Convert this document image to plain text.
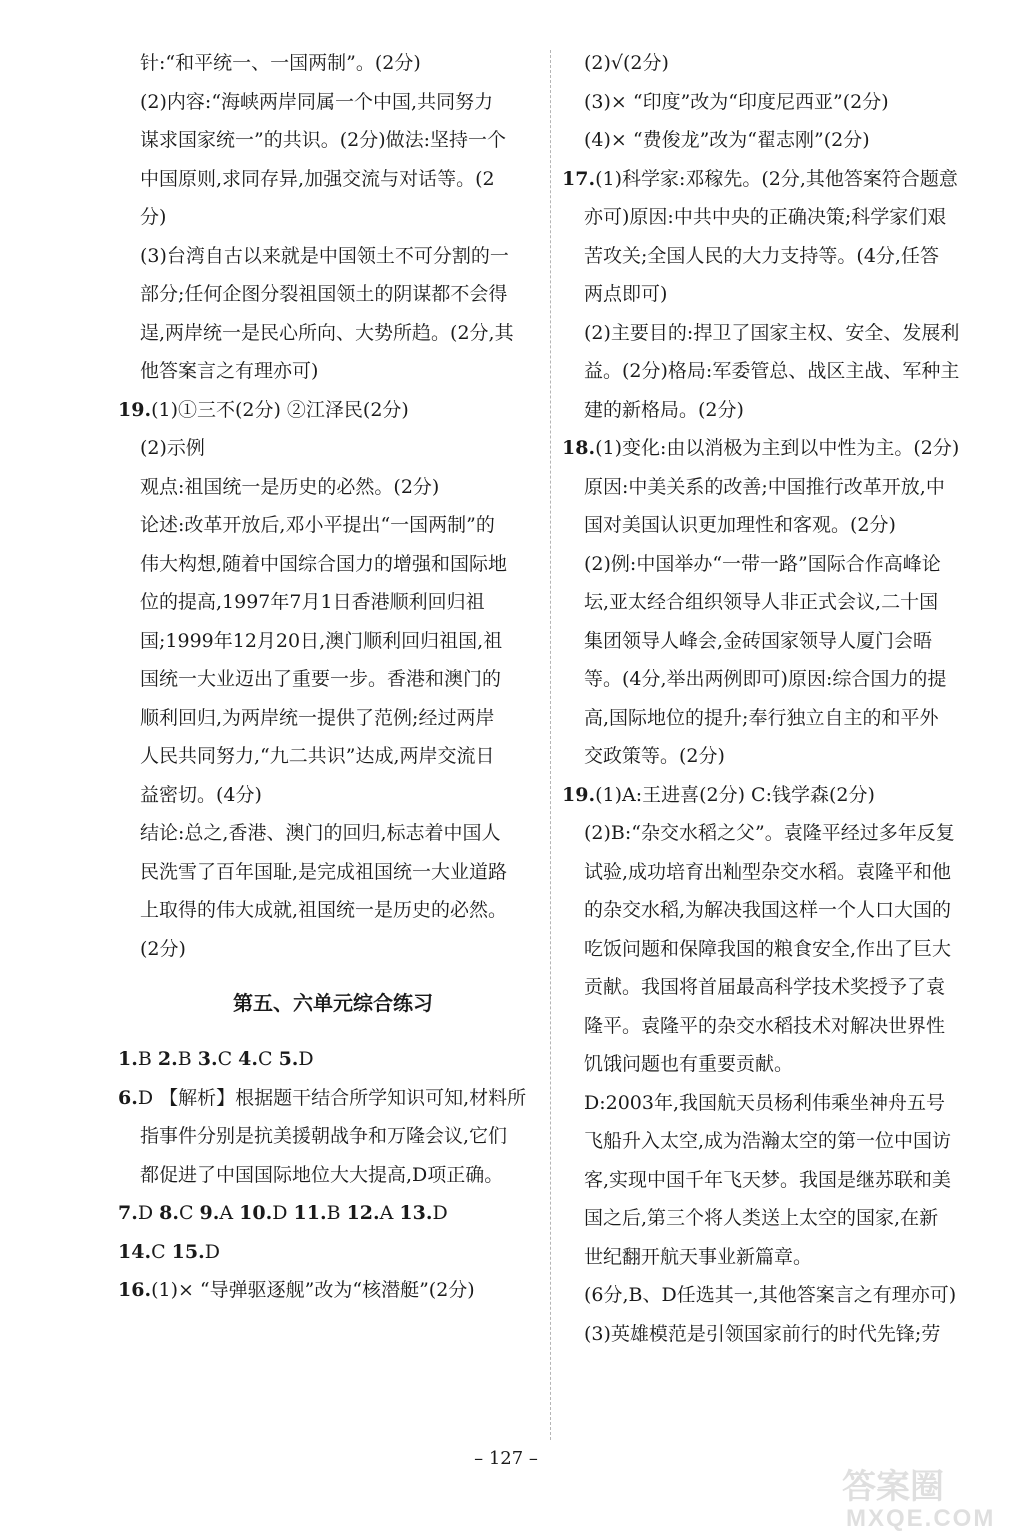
针:“和平统一、一国两制”。(2分)
(2)内容:“海峡两岸同属一个中国,共同努力
谋求国家统一”的共识。(2分)做法:坚持一个
中国原则,求同存异,加强交流与对话等。(2
分)
(3)台湾自古以来就是中国领土不可分割的一
部分;任何企图分裂祖国领土的阴谋都不会得
逞,两岸统一是民心所向、大势所趋。(2分,其
他答案言之有理亦可)
19.(1)①三不(2分) ②江泽民(2分)
(2)示例
观点:祖国统一是历史的必然。(2分)
论述:改革开放后,邓小平提出“一国两制”的
伟大构想,随着中国综合国力的增强和国际地
位的提高,1997年7月1日香港顺利回归祖
国;1999年12月20日,澳门顺利回归祖国,祖
国统一大业迈出了重要一步。香港和澳门的
顺利回归,为两岸统一提供了范例;经过两岸
人民共同努力,“九二共识”达成,两岸交流日
益密切。(4分)
结论:总之,香港、澳门的回归,标志着中国人
民洗雪了百年国耻,是完成祖国统一大业道路
上取得的伟大成就,祖国统一是历史的必然。
(2分)
第五、六单元综合练习
1.B 2.B 3.C 4.C 5.D
6.D 【解析】根据题干结合所学知识可知,材料所
指事件分别是抗美援朝战争和万隆会议,它们
都促进了中国国际地位大大提高,D项正确。
7.D 8.C 9.A 10.D 11.B 12.A 13.D
14.C 15.D
16.(1)× “导弹驱逐舰”改为“核潜艇”(2分)
(2)√(2分)
(3)× “印度”改为“印度尼西亚”(2分)
(4)× “费俊龙”改为“翟志刚”(2分)
17.(1)科学家:邓稼先。(2分,其他答案符合题意
亦可)原因:中共中央的正确决策;科学家们艰
苦攻关;全国人民的大力支持等。(4分,任答
两点即可)
(2)主要目的:捍卫了国家主权、安全、发展利
益。(2分)格局:军委管总、战区主战、军种主
建的新格局。(2分)
18.(1)变化:由以消极为主到以中性为主。(2分)
原因:中美关系的改善;中国推行改革开放,中
国对美国认识更加理性和客观。(2分)
(2)例:中国举办“一带一路”国际合作高峰论
坛,亚太经合组织领导人非正式会议,二十国
集团领导人峰会,金砖国家领导人厦门会晤
等。(4分,举出两例即可)原因:综合国力的提
高,国际地位的提升;奉行独立自主的和平外
交政策等。(2分)
19.(1)A:王进喜(2分) C:钱学森(2分)
(2)B:“杂交水稻之父”。袁隆平经过多年反复
试验,成功培育出籼型杂交水稻。袁隆平和他
的杂交水稻,为解决我国这样一个人口大国的
吃饭问题和保障我国的粮食安全,作出了巨大
贡献。我国将首届最高科学技术奖授予了袁
隆平。袁隆平的杂交水稻技术对解决世界性
饥饿问题也有重要贡献。
D:2003年,我国航天员杨利伟乘坐神舟五号
飞船升入太空,成为浩瀚太空的第一位中国访
客,实现中国千年飞天梦。我国是继苏联和美
国之后,第三个将人类送上太空的国家,在新
世纪翻开航天事业新篇章。
(6分,B、D任选其一,其他答案言之有理亦可)
(3)英雄模范是引领国家前行的时代先锋;劳
– 127 –
答案圈
MXQE.COM
